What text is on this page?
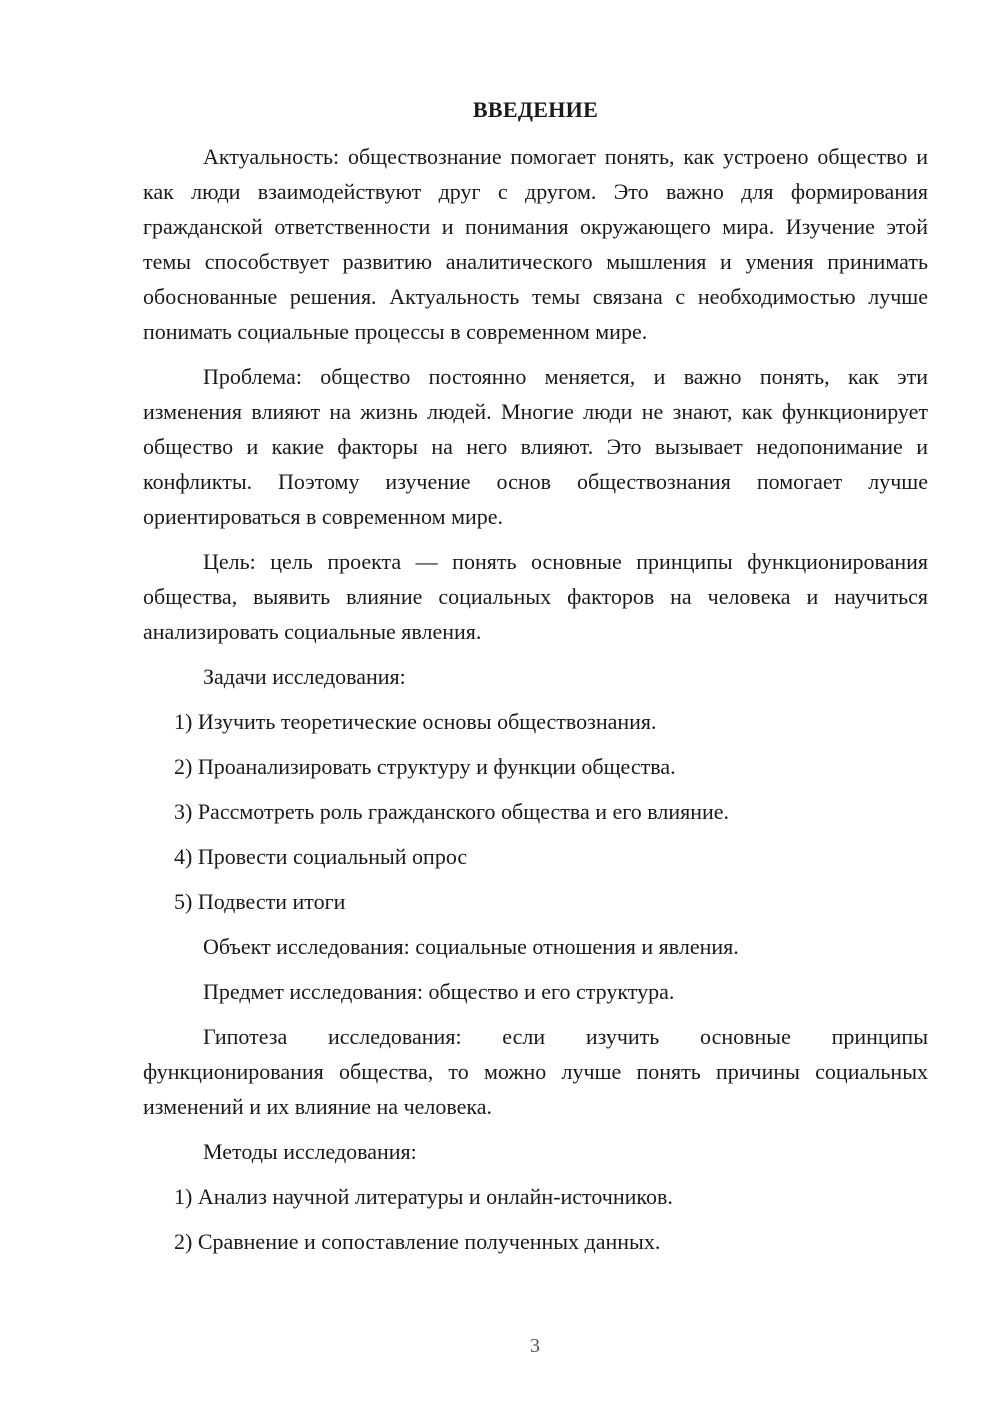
ВВЕДЕНИЕ

Актуальность: обществознание помогает понять, как устроено общество и как люди взаимодействуют друг с другом. Это важно для формирования гражданской ответственности и понимания окружающего мира. Изучение этой темы способствует развитию аналитического мышления и умения принимать обоснованные решения. Актуальность темы связана с необходимостью лучше понимать социальные процессы в современном мире.

Проблема: общество постоянно меняется, и важно понять, как эти изменения влияют на жизнь людей. Многие люди не знают, как функционирует общество и какие факторы на него влияют. Это вызывает недопонимание и конфликты. Поэтому изучение основ обществознания помогает лучше ориентироваться в современном мире.

Цель: цель проекта — понять основные принципы функционирования общества, выявить влияние социальных факторов на человека и научиться анализировать социальные явления.

Задачи исследования:

1) Изучить теоретические основы обществознания.

2) Проанализировать структуру и функции общества.

3) Рассмотреть роль гражданского общества и его влияние.

4) Провести социальный опрос

5) Подвести итоги

Объект исследования: социальные отношения и явления.

Предмет исследования: общество и его структура.

Гипотеза исследования: если изучить основные принципы функционирования общества, то можно лучше понять причины социальных изменений и их влияние на человека.

Методы исследования:

1) Анализ научной литературы и онлайн-источников.

2) Сравнение и сопоставление полученных данных.

3
